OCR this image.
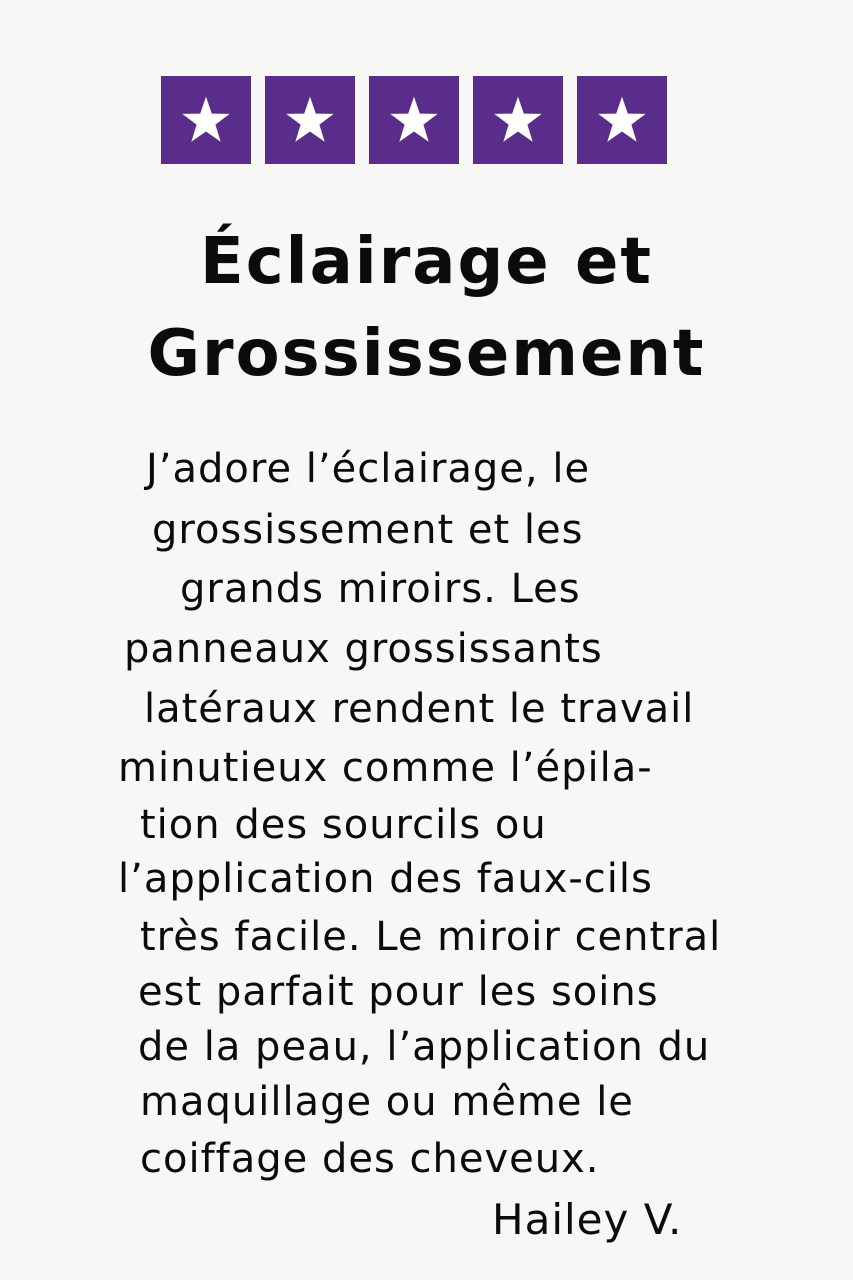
Éclairage et
Grossissement
J’adore l’éclairage, le
grossissement et les
grands miroirs. Les
panneaux grossissants
latéraux rendent le travail
minutieux comme l’épila-
tion des sourcils ou
l’application des faux-cils
très facile. Le miroir central
est parfait pour les soins
de la peau, l’application du
maquillage ou même le
coiffage des cheveux.
Hailey V.
